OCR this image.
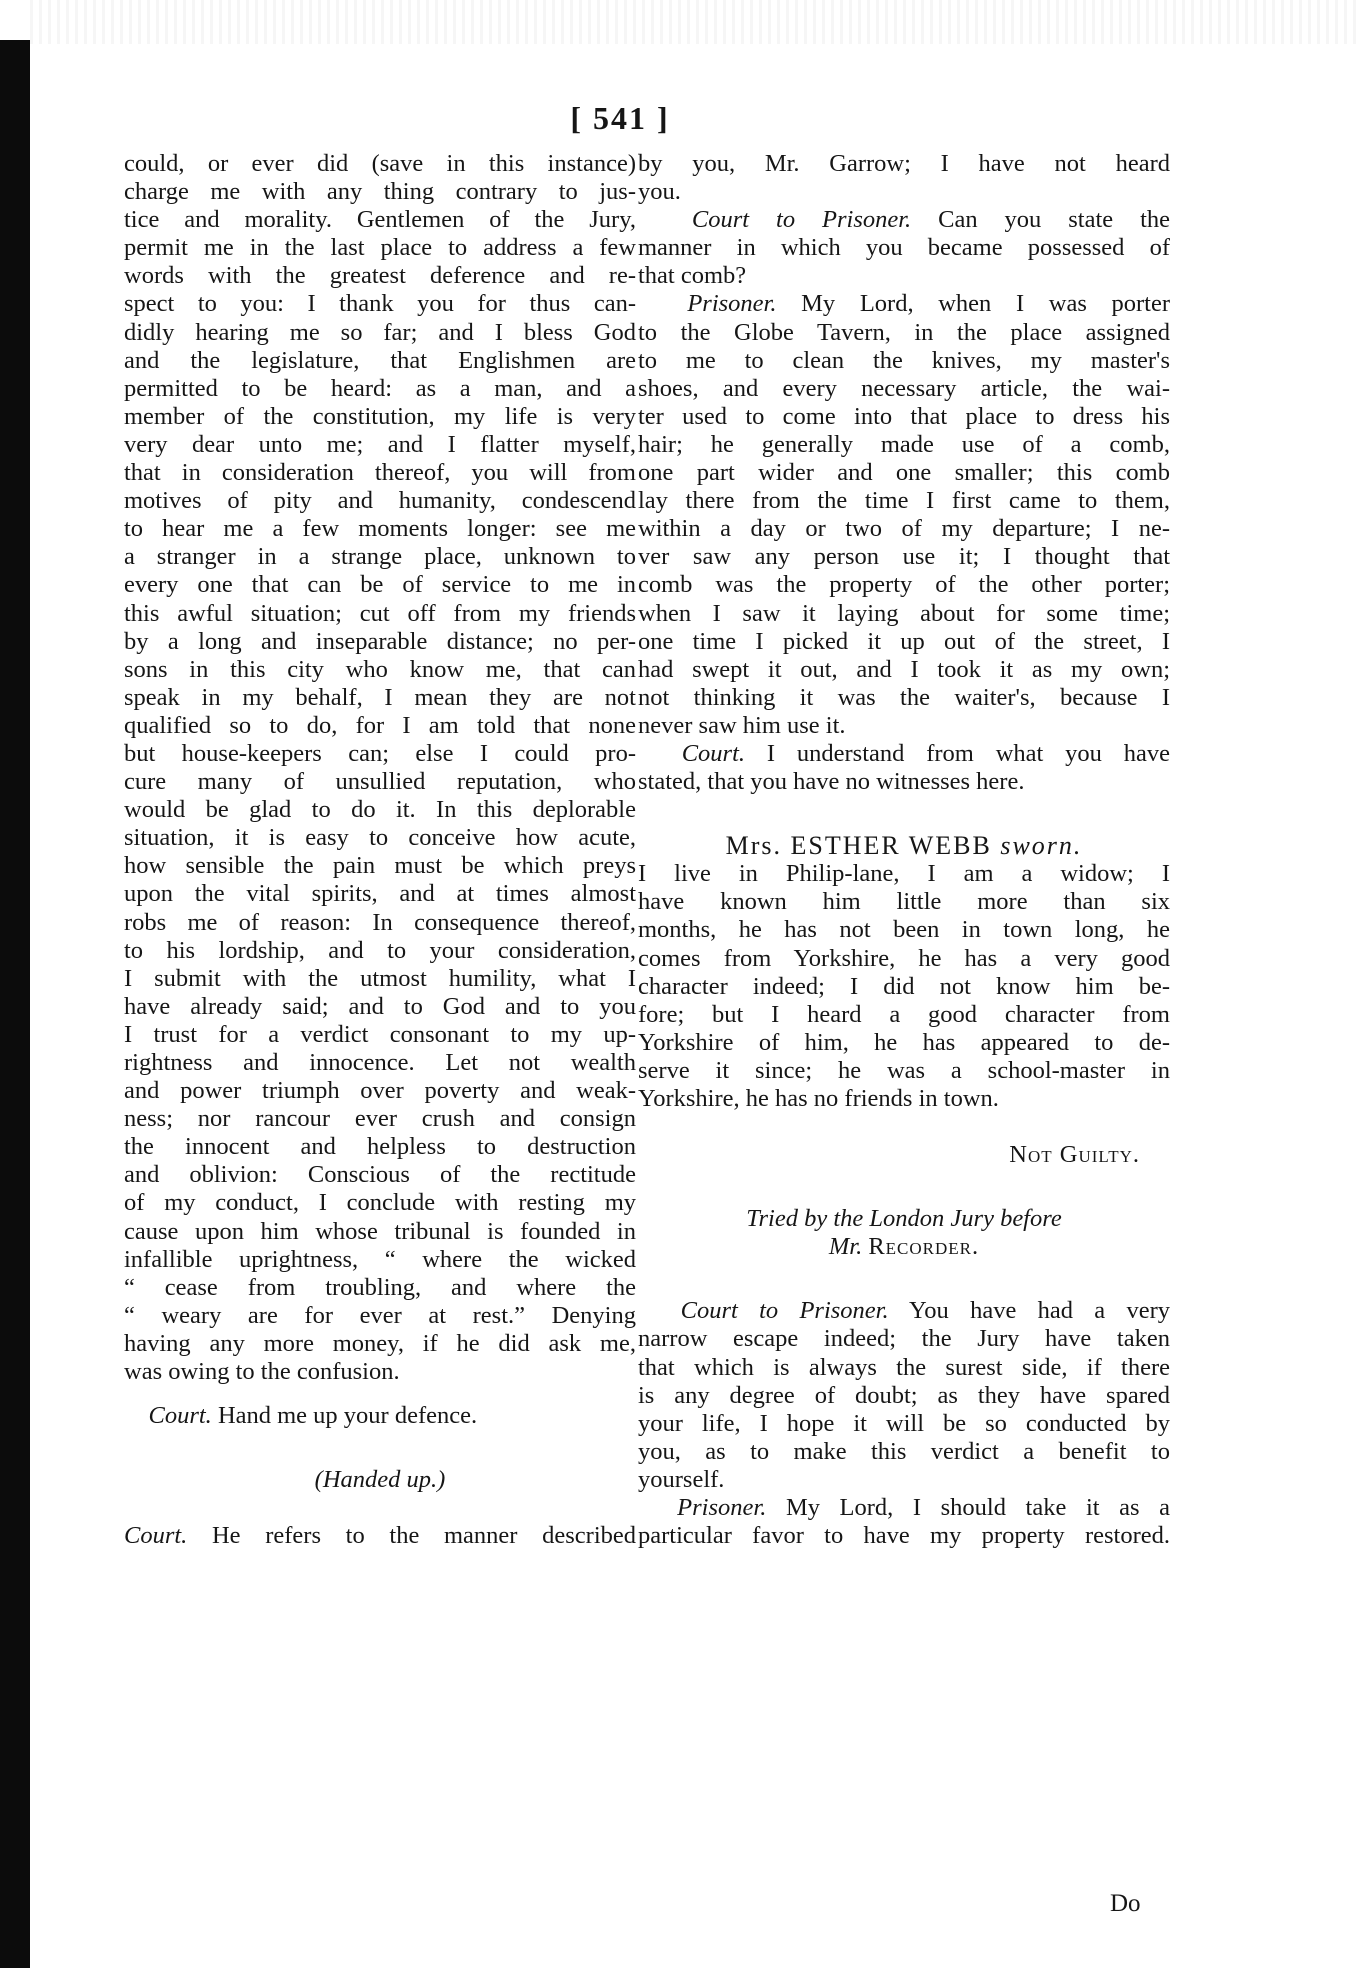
[ 541 ]
could, or ever did (save in this instance)
charge me with any thing contrary to jus-
tice and morality. Gentlemen of the Jury,
permit me in the last place to address a few
words with the greatest deference and re-
spect to you: I thank you for thus can-
didly hearing me so far; and I bless God
and the legislature, that Englishmen are
permitted to be heard: as a man, and a
member of the constitution, my life is very
very dear unto me; and I flatter myself,
that in consideration thereof, you will from
motives of pity and humanity, condescend
to hear me a few moments longer: see me
a stranger in a strange place, unknown to
every one that can be of service to me in
this awful situation; cut off from my friends
by a long and inseparable distance; no per-
sons in this city who know me, that can
speak in my behalf, I mean they are not
qualified so to do, for I am told that none
but house-keepers can; else I could pro-
cure many of unsullied reputation, who
would be glad to do it. In this deplorable
situation, it is easy to conceive how acute,
how sensible the pain must be which preys
upon the vital spirits, and at times almost
robs me of reason: In consequence thereof,
to his lordship, and to your consideration,
I submit with the utmost humility, what I
have already said; and to God and to you
I trust for a verdict consonant to my up-
rightness and innocence. Let not wealth
and power triumph over poverty and weak-
ness; nor rancour ever crush and consign
the innocent and helpless to destruction
and oblivion: Conscious of the rectitude
of my conduct, I conclude with resting my
cause upon him whose tribunal is founded in
infallible uprightness, “ where the wicked
“ cease from troubling, and where the
“ weary are for ever at rest.” Denying
having any more money, if he did ask me,
was owing to the confusion.
Court. Hand me up your defence.
(Handed up.)
Court. He refers to the manner described
by you, Mr. Garrow; I have not heard
you.
Court to Prisoner. Can you state the
manner in which you became possessed of
that comb?
Prisoner. My Lord, when I was porter
to the Globe Tavern, in the place assigned
to me to clean the knives, my master's
shoes, and every necessary article, the wai-
ter used to come into that place to dress his
hair; he generally made use of a comb,
one part wider and one smaller; this comb
lay there from the time I first came to them,
within a day or two of my departure; I ne-
ver saw any person use it; I thought that
comb was the property of the other porter;
when I saw it laying about for some time;
one time I picked it up out of the street, I
had swept it out, and I took it as my own;
not thinking it was the waiter's, because I
never saw him use it.
Court. I understand from what you have
stated, that you have no witnesses here.
Mrs. ESTHER WEBB sworn.
I live in Philip-lane, I am a widow; I
have known him little more than six
months, he has not been in town long, he
comes from Yorkshire, he has a very good
character indeed; I did not know him be-
fore; but I heard a good character from
Yorkshire of him, he has appeared to de-
serve it since; he was a school-master in
Yorkshire, he has no friends in town.
Not Guilty.
Tried by the London Jury before
Mr. Recorder.
Court to Prisoner. You have had a very
narrow escape indeed; the Jury have taken
that which is always the surest side, if there
is any degree of doubt; as they have spared
your life, I hope it will be so conducted by
you, as to make this verdict a benefit to
yourself.
Prisoner. My Lord, I should take it as a
particular favor to have my property restored.
Do
